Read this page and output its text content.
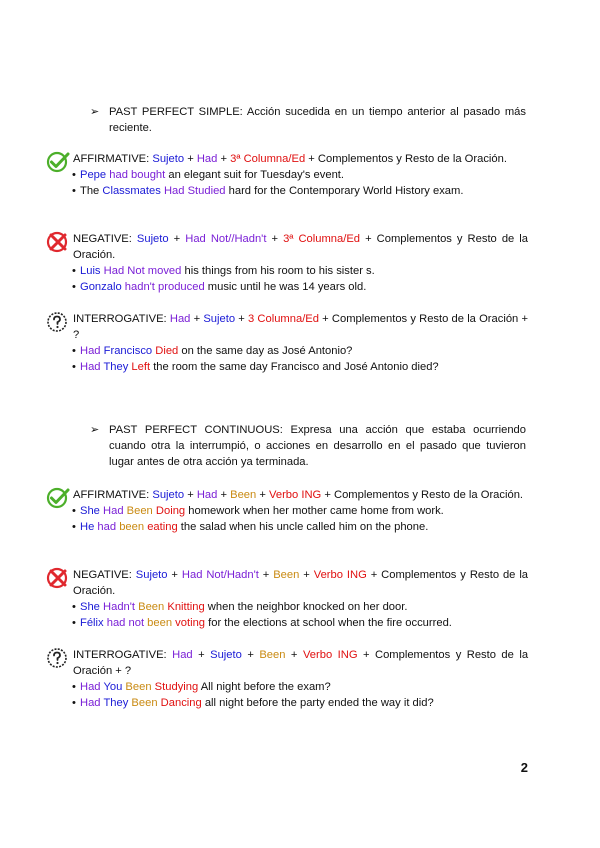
➢ PAST PERFECT SIMPLE: Acción sucedida en un tiempo anterior al pasado más reciente.
AFFIRMATIVE: Sujeto + Had + 3ª Columna/Ed + Complementos y Resto de la Oración.
• Pepe had bought an elegant suit for Tuesday's event.
• The Classmates Had Studied hard for the Contemporary World History exam.
NEGATIVE: Sujeto + Had Not//Hadn't + 3ª Columna/Ed + Complementos y Resto de la Oración.
• Luis Had Not moved his things from his room to his sister s.
• Gonzalo hadn't produced music until he was 14 years old.
INTERROGATIVE: Had + Sujeto + 3 Columna/Ed + Complementos y Resto de la Oración + ?
• Had Francisco Died on the same day as José Antonio?
• Had They Left the room the same day Francisco and José Antonio died?
➢ PAST PERFECT CONTINUOUS: Expresa una acción que estaba ocurriendo cuando otra la interrumpió, o acciones en desarrollo en el pasado que tuvieron lugar antes de otra acción ya terminada.
AFFIRMATIVE: Sujeto + Had + Been + Verbo ING + Complementos y Resto de la Oración.
• She Had Been Doing homework when her mother came home from work.
• He had been eating the salad when his uncle called him on the phone.
NEGATIVE: Sujeto + Had Not/Hadn't + Been + Verbo ING + Complementos y Resto de la Oración.
• She Hadn't Been Knitting when the neighbor knocked on her door.
• Félix had not been voting for the elections at school when the fire occurred.
INTERROGATIVE: Had + Sujeto + Been + Verbo ING + Complementos y Resto de la Oración + ?
• Had You Been Studying All night before the exam?
• Had They Been Dancing all night before the party ended the way it did?
2
